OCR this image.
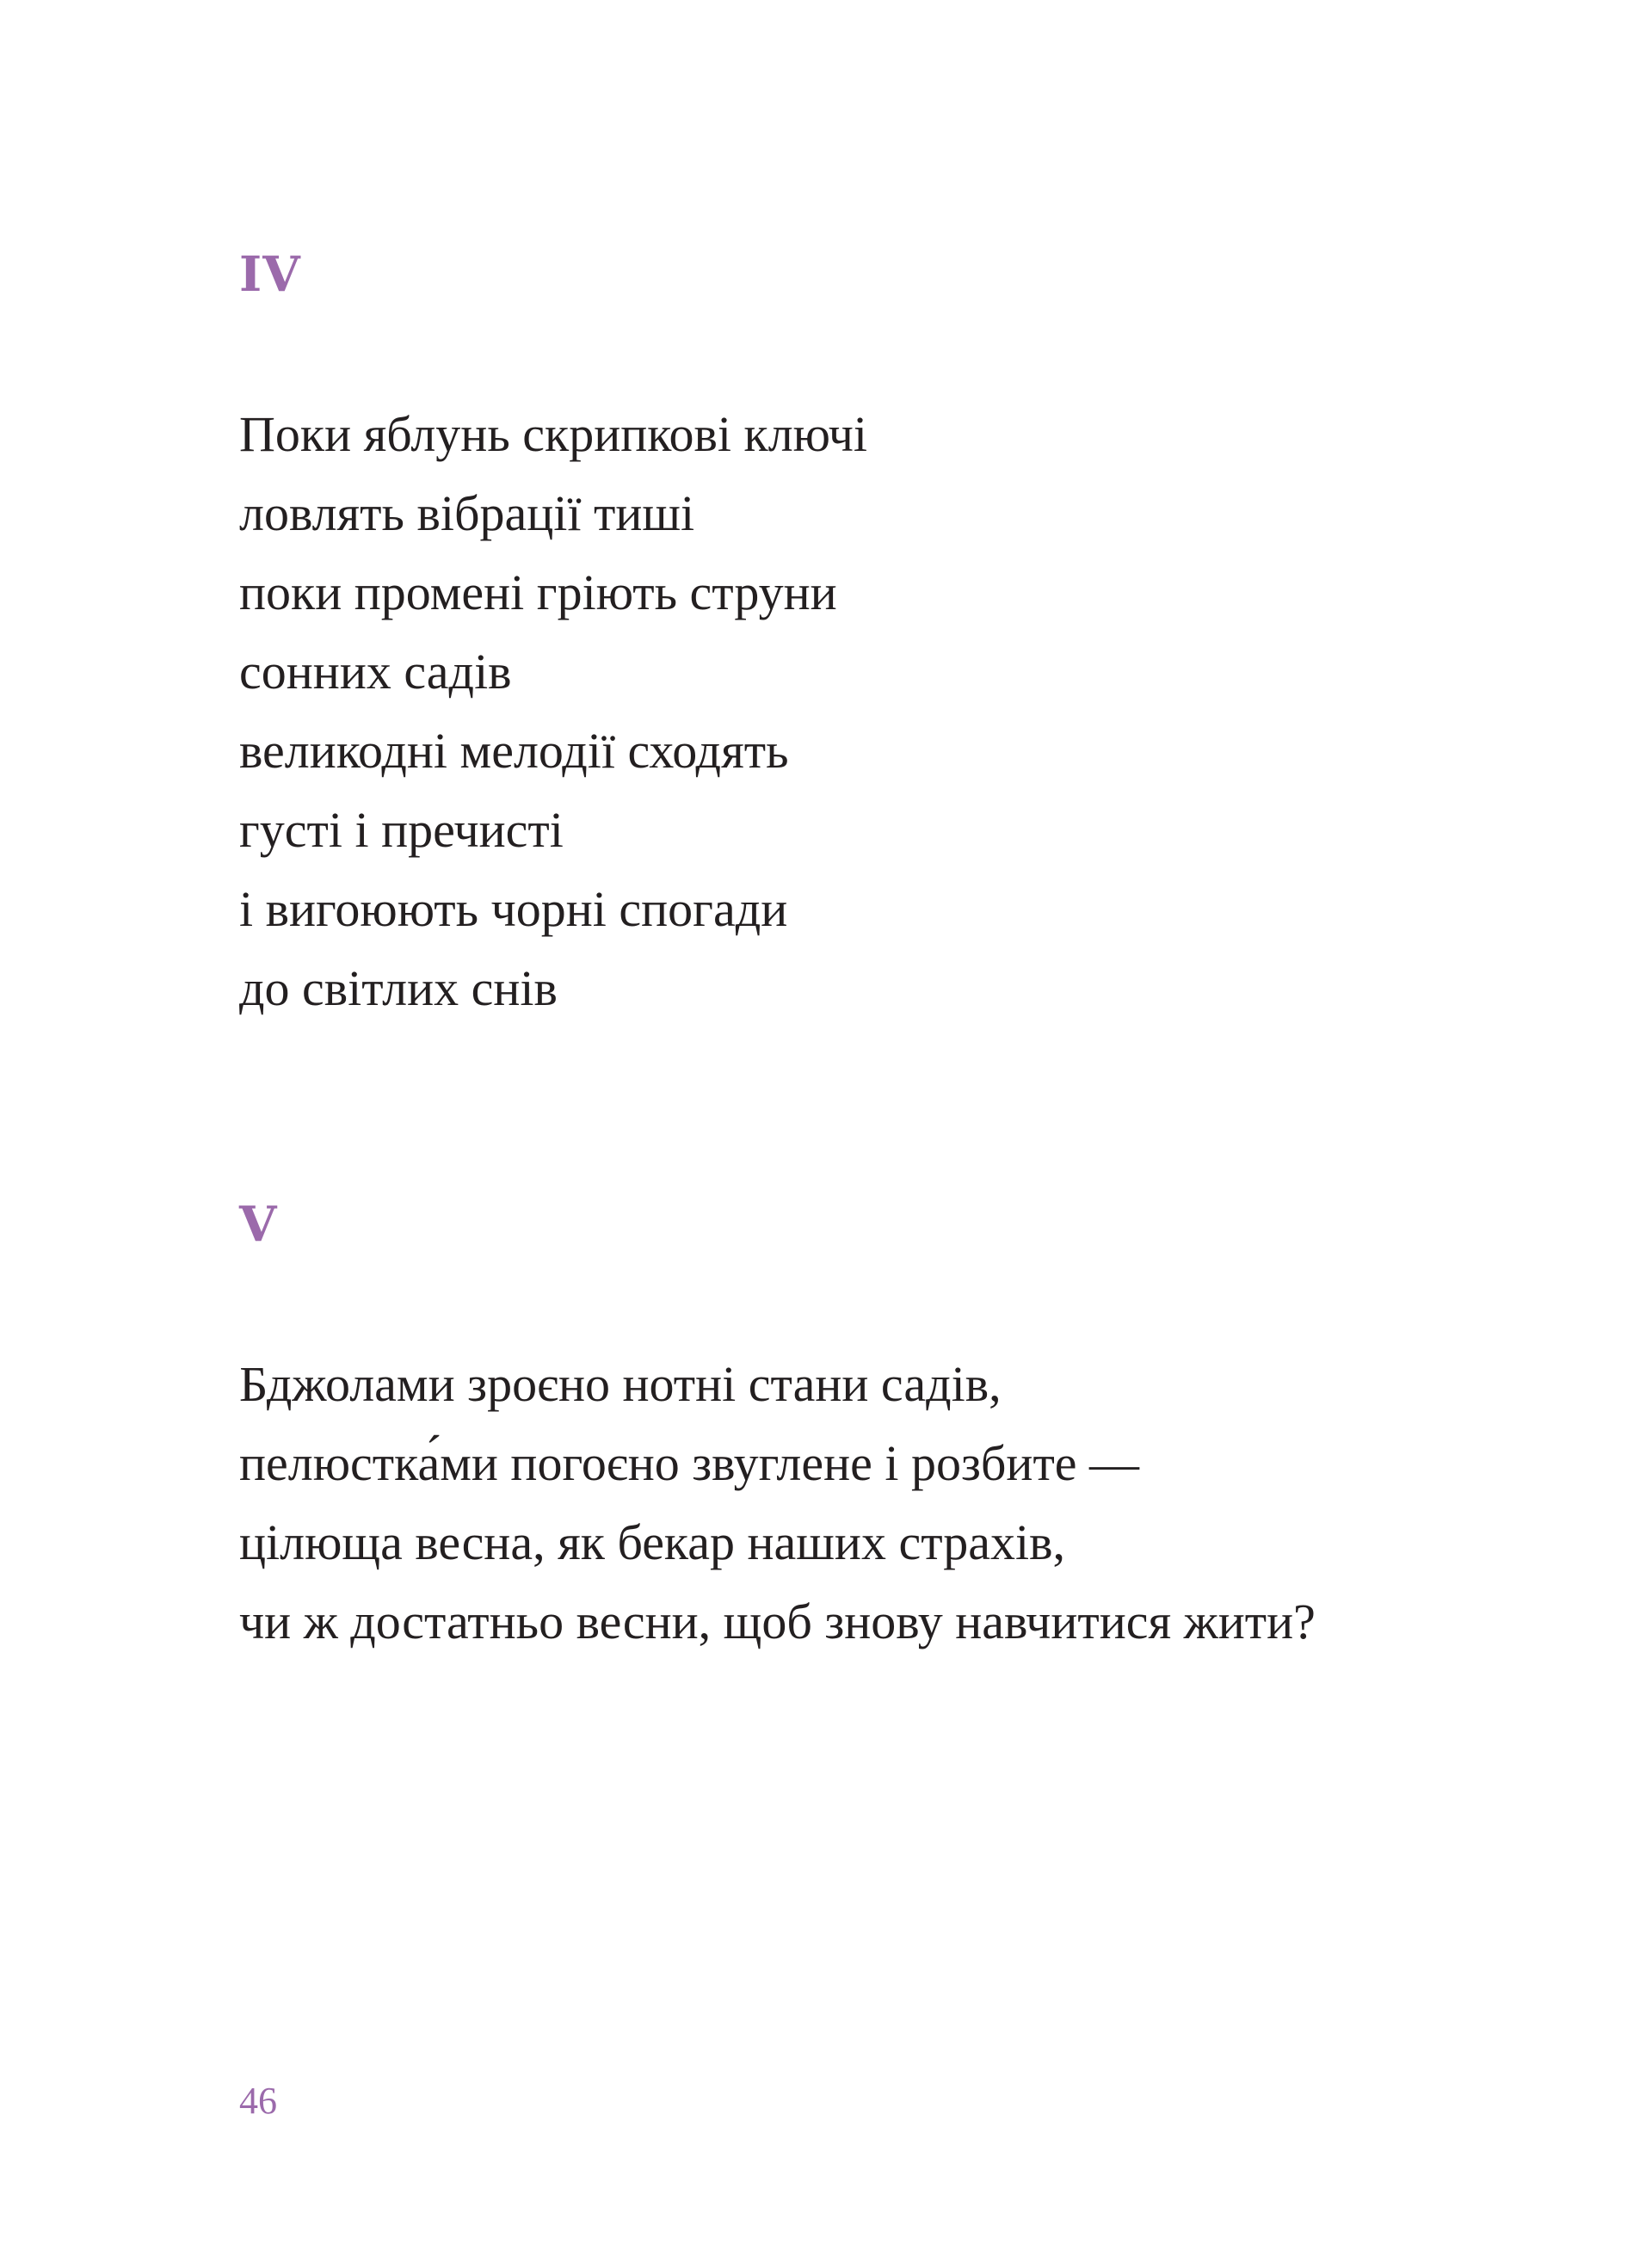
IV
Поки яблунь скрипкові ключі
ловлять вібрації тиші
поки промені гріють струни
сонних садів
великодні мелодії сходять
густі і пречисті
і вигоюють чорні спогади
до світлих снів
V
Бджолами зроєно нотні стани садів,
пелюстка́ми погоєно звуглене і розбите —
цілюща весна, як бекар наших страхів,
чи ж достатньо весни, щоб знову навчитися жити?
46
